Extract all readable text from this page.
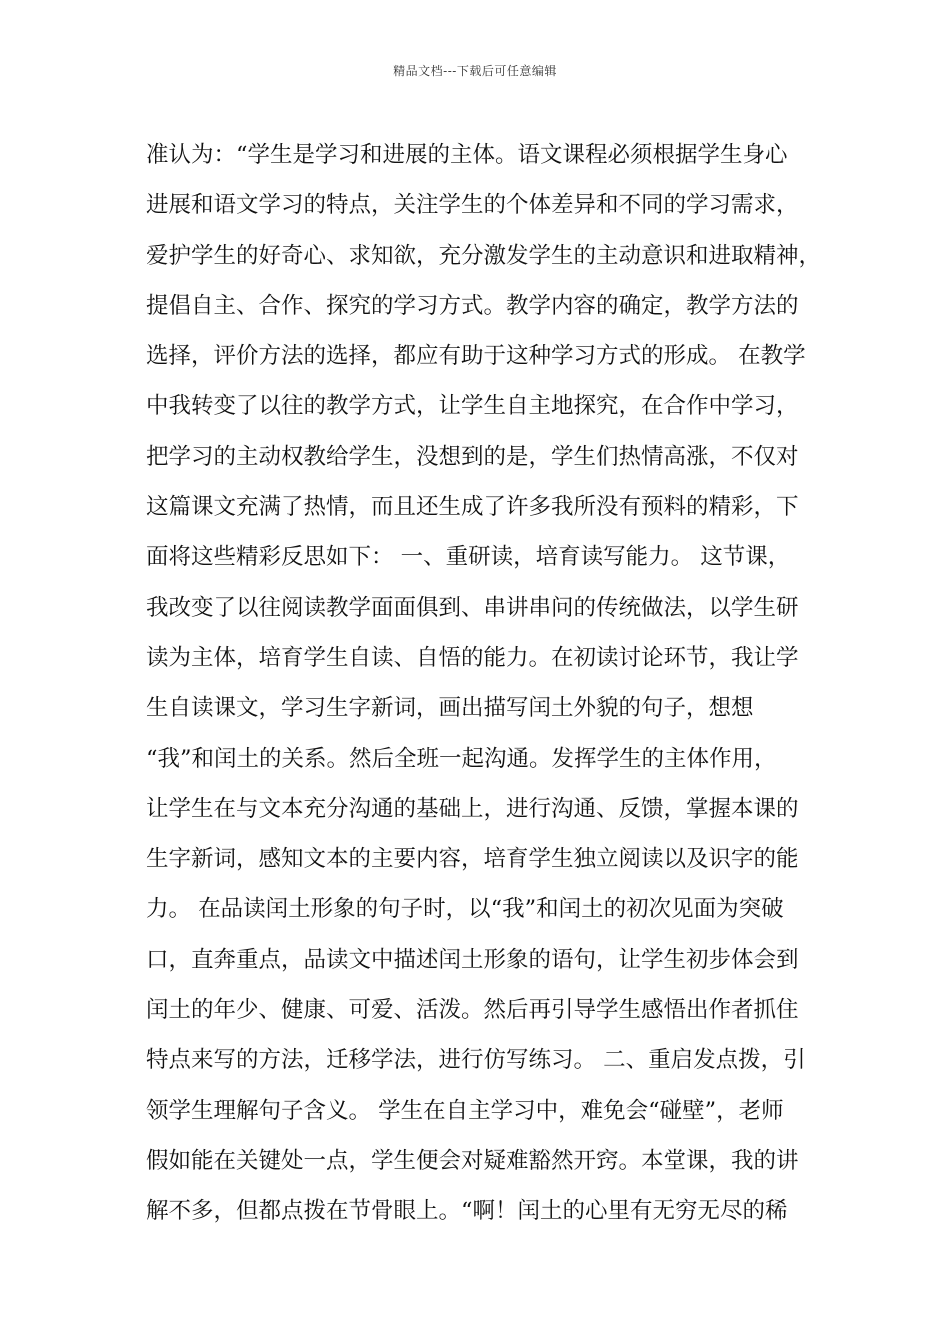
精品文档---下载后可任意编辑
准认为：“学生是学习和进展的主体。语文课程必须根据学生身心
进展和语文学习的特点，关注学生的个体差异和不同的学习需求，
爱护学生的好奇心、求知欲，充分激发学生的主动意识和进取精神，
提倡自主、合作、探究的学习方式。教学内容的确定，教学方法的
选择，评价方法的选择，都应有助于这种学习方式的形成。 在教学
中我转变了以往的教学方式，让学生自主地探究，在合作中学习，
把学习的主动权教给学生，没想到的是，学生们热情高涨，不仅对
这篇课文充满了热情，而且还生成了许多我所没有预料的精彩，下
面将这些精彩反思如下： 一、重研读，培育读写能力。 这节课，
我改变了以往阅读教学面面俱到、串讲串问的传统做法，以学生研
读为主体，培育学生自读、自悟的能力。在初读讨论环节，我让学
生自读课文，学习生字新词，画出描写闰土外貌的句子，想想
“我”和闰土的关系。然后全班一起沟通。发挥学生的主体作用，
让学生在与文本充分沟通的基础上，进行沟通、反馈，掌握本课的
生字新词，感知文本的主要内容，培育学生独立阅读以及识字的能
力。 在品读闰土形象的句子时，以“我”和闰土的初次见面为突破
口，直奔重点，品读文中描述闰土形象的语句，让学生初步体会到
闰土的年少、健康、可爱、活泼。然后再引导学生感悟出作者抓住
特点来写的方法，迁移学法，进行仿写练习。 二、重启发点拨，引
领学生理解句子含义。 学生在自主学习中，难免会“碰壁”，老师
假如能在关键处一点，学生便会对疑难豁然开窍。本堂课，我的讲
解不多，但都点拨在节骨眼上。“啊！闰土的心里有无穷无尽的稀
